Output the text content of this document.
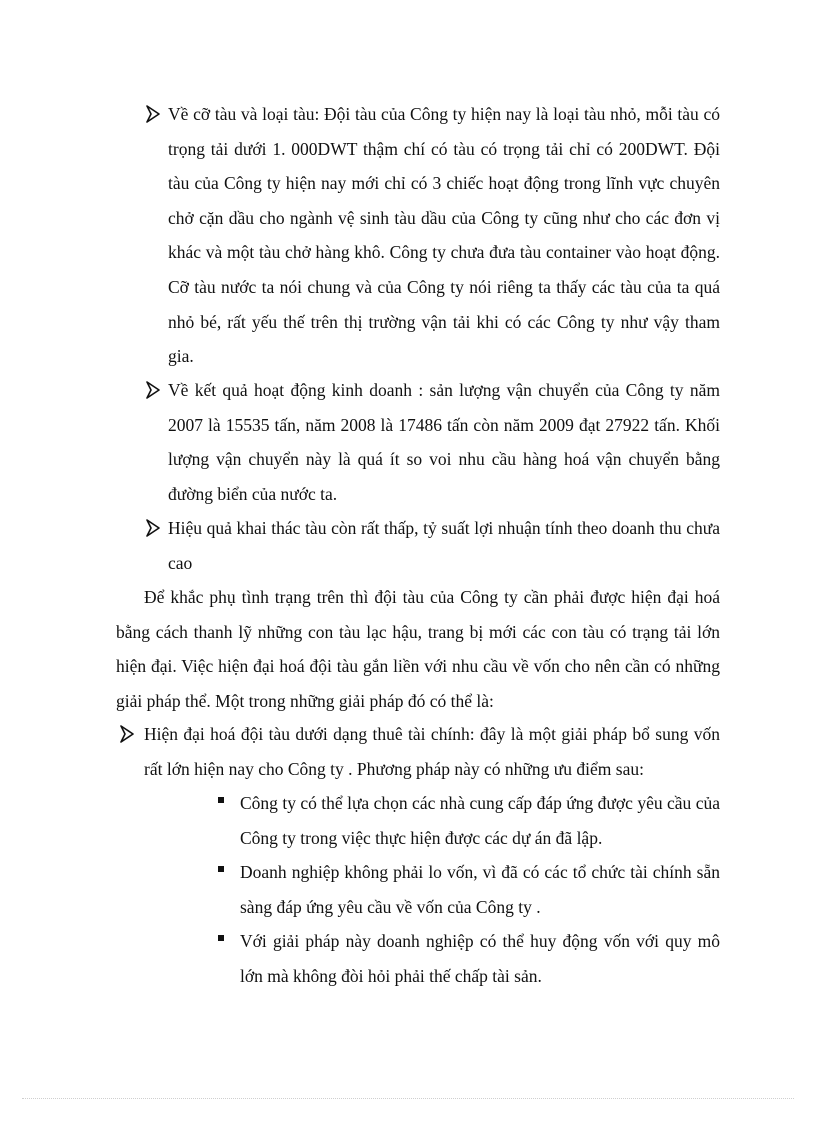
Về cỡ tàu và loại tàu: Đội tàu của Công ty hiện nay là loại tàu nhỏ, mỗi tàu có trọng tải dưới 1. 000DWT thậm chí có tàu có trọng tải chỉ có 200DWT. Đội tàu của Công ty hiện nay mới chỉ có 3 chiếc hoạt động trong lĩnh vực chuyên chở cặn dầu cho ngành vệ sinh tàu dầu của Công ty cũng như cho các đơn vị khác và một tàu chở hàng khô. Công ty chưa đưa tàu container vào hoạt động. Cỡ tàu nước ta nói chung và của Công ty nói riêng ta thấy các tàu của ta quá nhỏ bé, rất yếu thế trên thị trường vận tải khi có các Công ty như vậy tham gia.

Về kết quả hoạt động kinh doanh : sản lượng vận chuyển của Công ty năm 2007 là 15535 tấn, năm 2008 là 17486 tấn còn năm 2009 đạt 27922 tấn. Khối lượng vận chuyển này là quá ít so voi nhu cầu hàng hoá vận chuyển bằng đường biển của nước ta.

Hiệu quả khai thác tàu còn rất thấp, tỷ suất lợi nhuận tính theo doanh thu chưa cao

Để khắc phụ tình trạng trên thì đội tàu của Công ty cần phải được hiện đại hoá bằng cách thanh lỹ những con tàu lạc hậu, trang bị mới các con tàu có trạng tải lớn hiện đại. Việc hiện đại hoá đội tàu gắn liền với nhu cầu về vốn cho nên cần có những giải pháp thể. Một trong những giải pháp đó có thể là:

Hiện đại hoá đội tàu dưới dạng thuê tài chính: đây là một giải pháp bổ sung vốn rất lớn hiện nay cho Công ty . Phương pháp này có những ưu điểm sau:

Công ty có thể lựa chọn các nhà cung cấp đáp ứng được yêu cầu của Công ty trong việc thực hiện được các dự án đã lập.

Doanh nghiệp không phải lo vốn, vì đã có các tổ chức tài chính sẵn sàng đáp ứng yêu cầu về vốn của Công ty .

Với giải pháp này doanh nghiệp có thể huy động vốn với quy mô lớn mà không đòi hỏi phải thế chấp tài sản.
